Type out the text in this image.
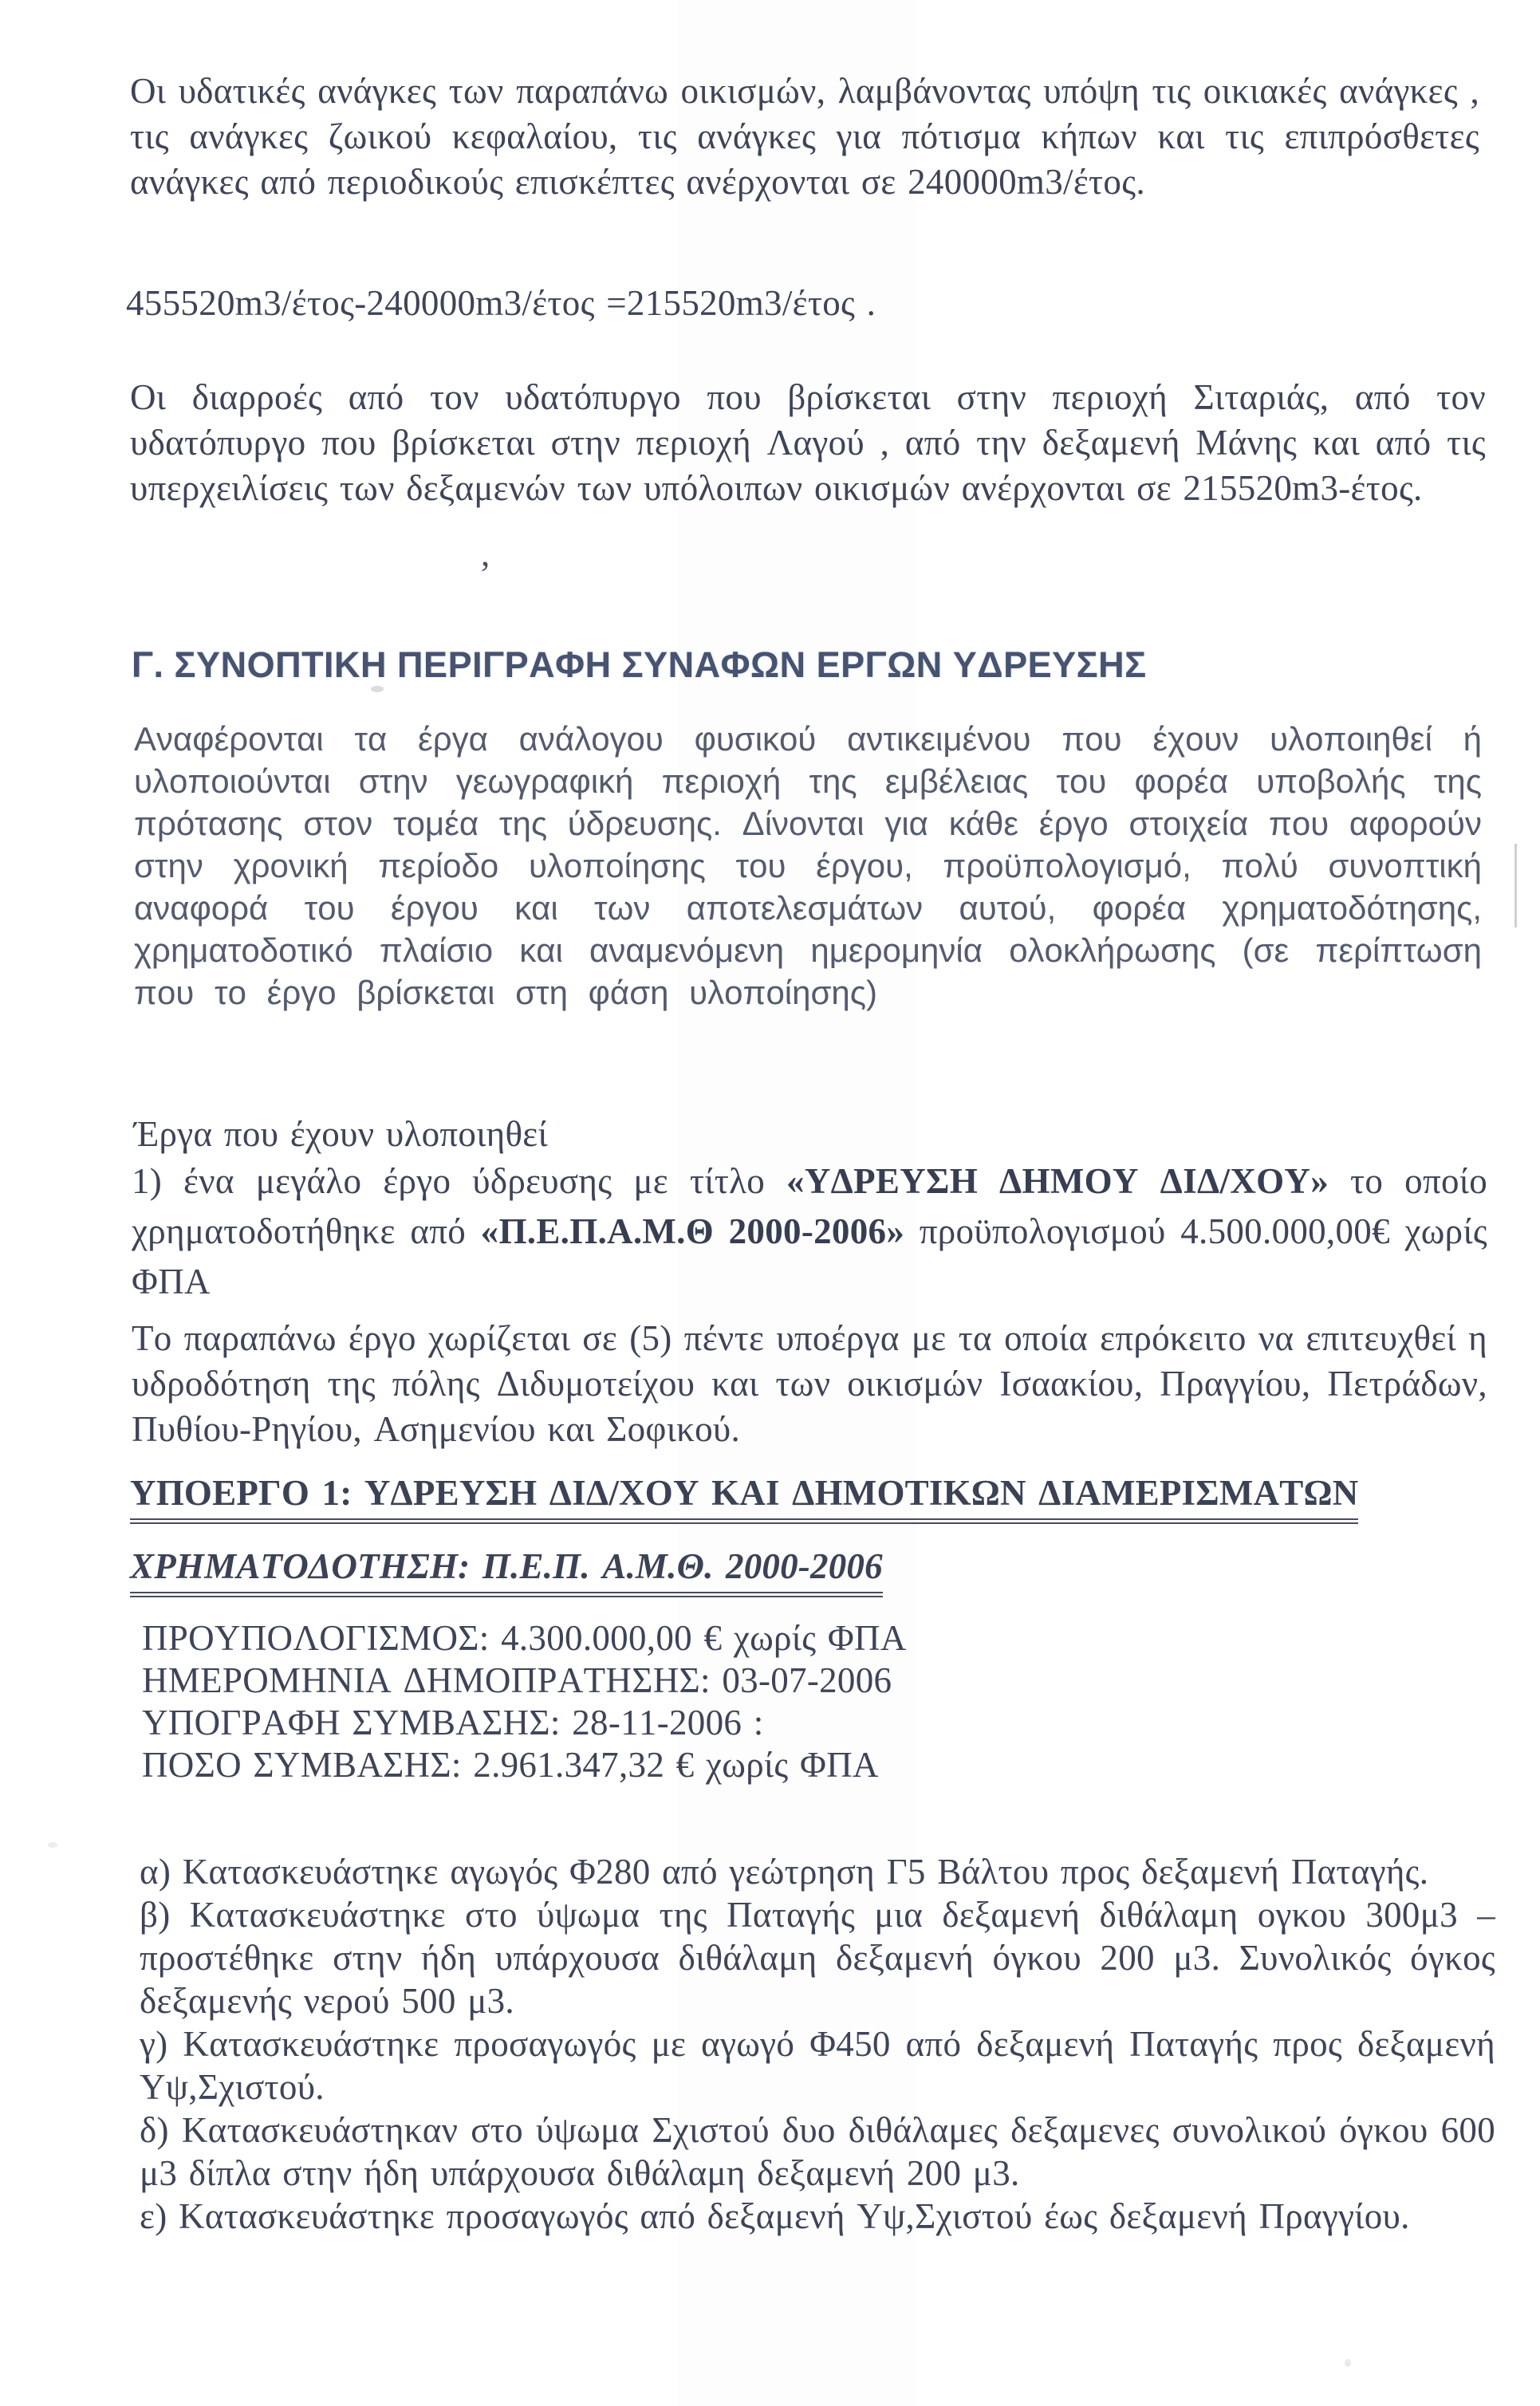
Οι υδατικές ανάγκες των παραπάνω οικισμών, λαμβάνοντας υπόψη τις οικιακές ανάγκες , τις ανάγκες ζωικού κεφαλαίου, τις ανάγκες για πότισμα κήπων και τις επιπρόσθετες ανάγκες από περιοδικούς επισκέπτες ανέρχονται σε 240000m3/έτος.

455520m3/έτος-240000m3/έτος =215520m3/έτος .

Οι διαρροές από τον υδατόπυργο που βρίσκεται στην περιοχή Σιταριάς, από τον υδατόπυργο που βρίσκεται στην περιοχή Λαγού , από την δεξαμενή Μάνης και από τις υπερχειλίσεις των δεξαμενών των υπόλοιπων οικισμών ανέρχονται σε 215520m3-έτος.

,
Γ. ΣΥΝΟΠΤΙΚΗ ΠΕΡΙΓΡΑΦΗ ΣΥΝΑΦΩΝ ΕΡΓΩΝ ΥΔΡΕΥΣΗΣ

Αναφέρονται τα έργα ανάλογου φυσικού αντικειμένου που έχουν υλοποιηθεί ή υλοποιούνται στην γεωγραφική περιοχή της εμβέλειας του φορέα υποβολής της πρότασης στον τομέα της ύδρευσης. Δίνονται για κάθε έργο στοιχεία που αφορούν στην χρονική περίοδο υλοποίησης του έργου, προϋπολογισμό, πολύ συνοπτική αναφορά του έργου και των αποτελεσμάτων αυτού, φορέα χρηματοδότησης, χρηματοδοτικό πλαίσιο και αναμενόμενη ημερομηνία ολοκλήρωσης (σε περίπτωση που το έργο βρίσκεται στη φάση υλοποίησης)

Έργα που έχουν υλοποιηθεί

1) ένα μεγάλο έργο ύδρευσης με τίτλο «ΥΔΡΕΥΣΗ ΔΗΜΟΥ ΔΙΔ/ΧΟΥ» το οποίο χρηματοδοτήθηκε από «Π.Ε.Π.Α.Μ.Θ 2000-2006» προϋπολογισμού 4.500.000,00€ χωρίς ΦΠΑ

Το παραπάνω έργο χωρίζεται σε (5) πέντε υποέργα με τα οποία επρόκειτο να επιτευχθεί η υδροδότηση της πόλης Διδυμοτείχου και των οικισμών Ισαακίου, Πραγγίου, Πετράδων, Πυθίου-Ρηγίου, Ασημενίου και Σοφικού.

ΥΠΟΕΡΓΟ 1: ΥΔΡΕΥΣΗ ΔΙΔ/ΧΟΥ ΚΑΙ ΔΗΜΟΤΙΚΩΝ ΔΙΑΜΕΡΙΣΜΑΤΩΝ
ΧΡΗΜΑΤΟΔΟΤΗΣΗ: Π.Ε.Π. Α.Μ.Θ. 2000-2006

ΠΡΟΥΠΟΛΟΓΙΣΜΟΣ: 4.300.000,00 € χωρίς ΦΠΑ

ΗΜΕΡΟΜΗΝΙΑ ΔΗΜΟΠΡΑΤΗΣΗΣ: 03-07-2006

ΥΠΟΓΡΑΦΗ ΣΥΜΒΑΣΗΣ: 28-11-2006 :

ΠΟΣΟ ΣΥΜΒΑΣΗΣ: 2.961.347,32 € χωρίς ΦΠΑ

α) Κατασκευάστηκε αγωγός Φ280 από γεώτρηση Γ5 Βάλτου προς δεξαμενή Παταγής.

β) Κατασκευάστηκε στο ύψωμα της Παταγής μια δεξαμενή διθάλαμη ογκου 300μ3 – προστέθηκε στην ήδη υπάρχουσα διθάλαμη δεξαμενή όγκου 200 μ3. Συνολικός όγκος δεξαμενής νερού 500 μ3.

γ) Κατασκευάστηκε προσαγωγός με αγωγό Φ450 από δεξαμενή Παταγής προς δεξαμενή Υψ,Σχιστού.

δ) Κατασκευάστηκαν στο ύψωμα Σχιστού δυο διθάλαμες δεξαμενες συνολικού όγκου 600 μ3 δίπλα στην ήδη υπάρχουσα διθάλαμη δεξαμενή 200 μ3.

ε) Κατασκευάστηκε προσαγωγός από δεξαμενή Υψ,Σχιστού έως δεξαμενή Πραγγίου.
